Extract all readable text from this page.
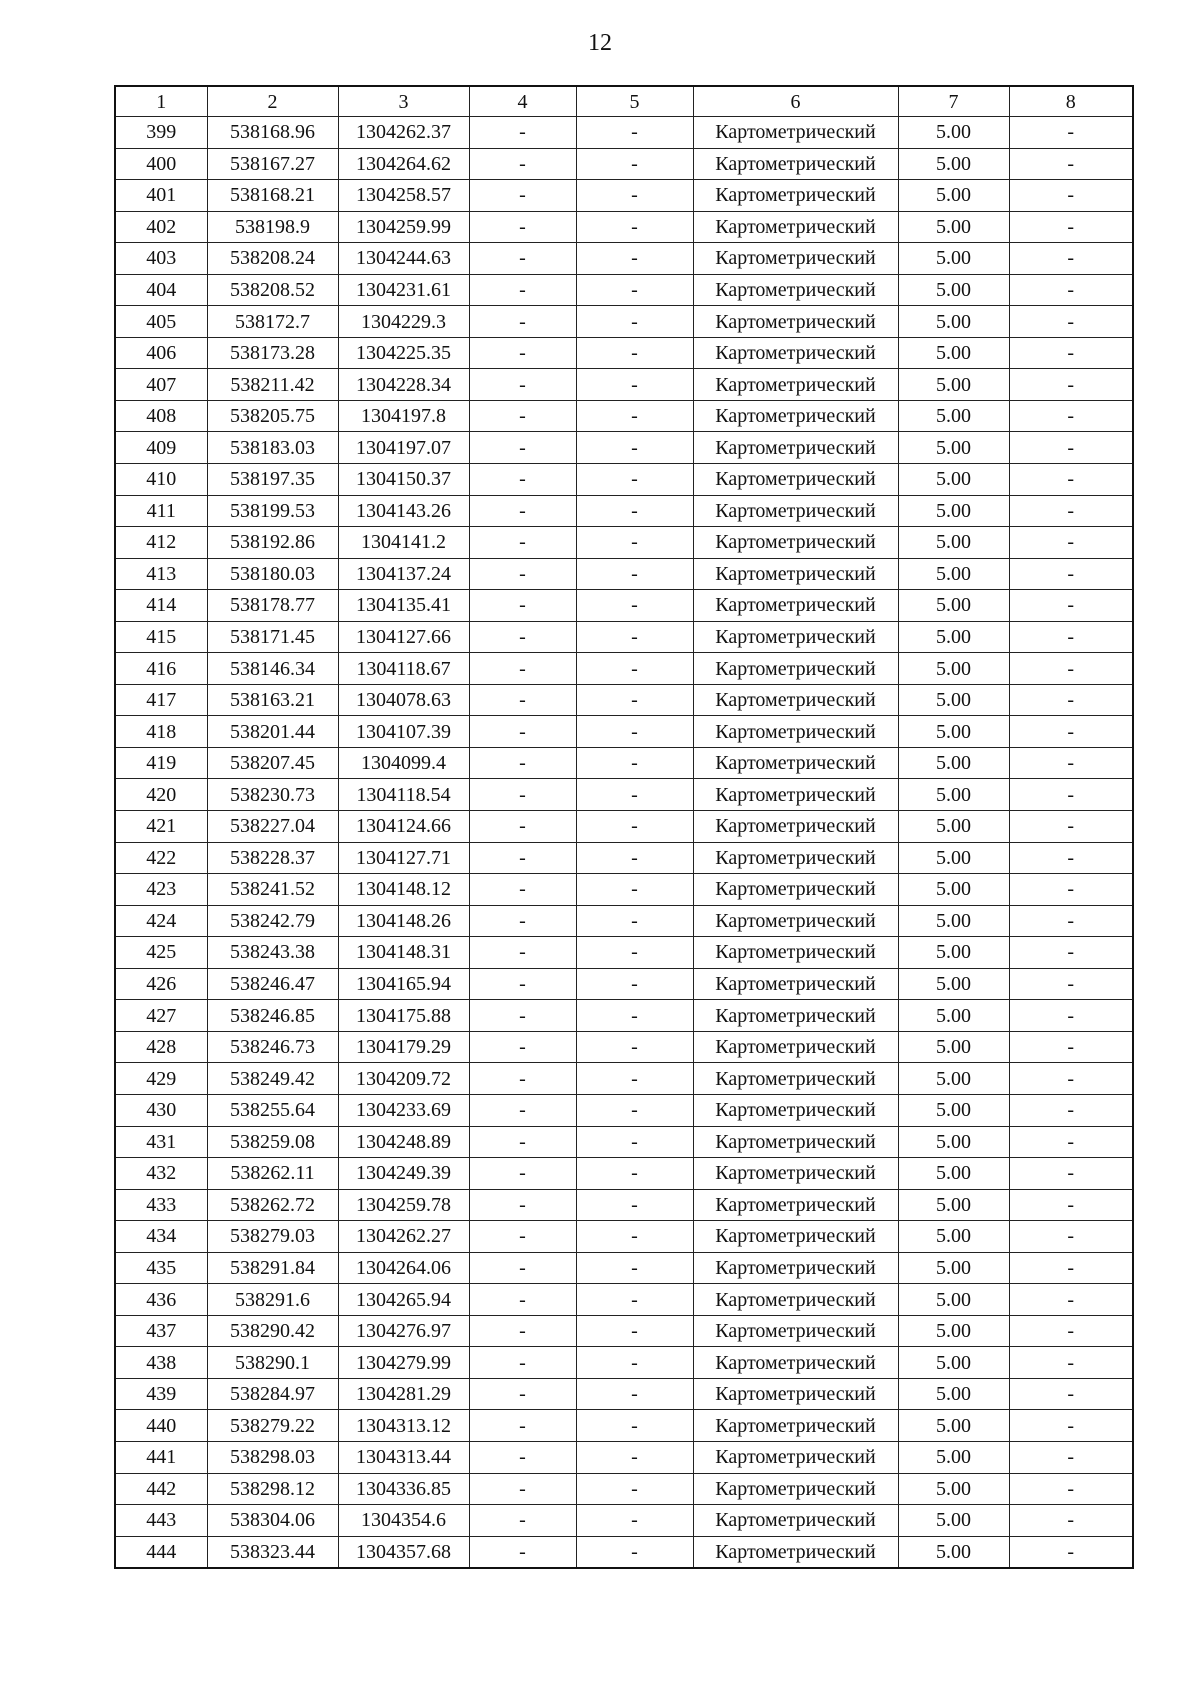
12
1	2	3	4	5	6	7	8
399	538168.96	1304262.37	-	-	Картометрический	5.00	-
400	538167.27	1304264.62	-	-	Картометрический	5.00	-
401	538168.21	1304258.57	-	-	Картометрический	5.00	-
402	538198.9	1304259.99	-	-	Картометрический	5.00	-
403	538208.24	1304244.63	-	-	Картометрический	5.00	-
404	538208.52	1304231.61	-	-	Картометрический	5.00	-
405	538172.7	1304229.3	-	-	Картометрический	5.00	-
406	538173.28	1304225.35	-	-	Картометрический	5.00	-
407	538211.42	1304228.34	-	-	Картометрический	5.00	-
408	538205.75	1304197.8	-	-	Картометрический	5.00	-
409	538183.03	1304197.07	-	-	Картометрический	5.00	-
410	538197.35	1304150.37	-	-	Картометрический	5.00	-
411	538199.53	1304143.26	-	-	Картометрический	5.00	-
412	538192.86	1304141.2	-	-	Картометрический	5.00	-
413	538180.03	1304137.24	-	-	Картометрический	5.00	-
414	538178.77	1304135.41	-	-	Картометрический	5.00	-
415	538171.45	1304127.66	-	-	Картометрический	5.00	-
416	538146.34	1304118.67	-	-	Картометрический	5.00	-
417	538163.21	1304078.63	-	-	Картометрический	5.00	-
418	538201.44	1304107.39	-	-	Картометрический	5.00	-
419	538207.45	1304099.4	-	-	Картометрический	5.00	-
420	538230.73	1304118.54	-	-	Картометрический	5.00	-
421	538227.04	1304124.66	-	-	Картометрический	5.00	-
422	538228.37	1304127.71	-	-	Картометрический	5.00	-
423	538241.52	1304148.12	-	-	Картометрический	5.00	-
424	538242.79	1304148.26	-	-	Картометрический	5.00	-
425	538243.38	1304148.31	-	-	Картометрический	5.00	-
426	538246.47	1304165.94	-	-	Картометрический	5.00	-
427	538246.85	1304175.88	-	-	Картометрический	5.00	-
428	538246.73	1304179.29	-	-	Картометрический	5.00	-
429	538249.42	1304209.72	-	-	Картометрический	5.00	-
430	538255.64	1304233.69	-	-	Картометрический	5.00	-
431	538259.08	1304248.89	-	-	Картометрический	5.00	-
432	538262.11	1304249.39	-	-	Картометрический	5.00	-
433	538262.72	1304259.78	-	-	Картометрический	5.00	-
434	538279.03	1304262.27	-	-	Картометрический	5.00	-
435	538291.84	1304264.06	-	-	Картометрический	5.00	-
436	538291.6	1304265.94	-	-	Картометрический	5.00	-
437	538290.42	1304276.97	-	-	Картометрический	5.00	-
438	538290.1	1304279.99	-	-	Картометрический	5.00	-
439	538284.97	1304281.29	-	-	Картометрический	5.00	-
440	538279.22	1304313.12	-	-	Картометрический	5.00	-
441	538298.03	1304313.44	-	-	Картометрический	5.00	-
442	538298.12	1304336.85	-	-	Картометрический	5.00	-
443	538304.06	1304354.6	-	-	Картометрический	5.00	-
444	538323.44	1304357.68	-	-	Картометрический	5.00	-
